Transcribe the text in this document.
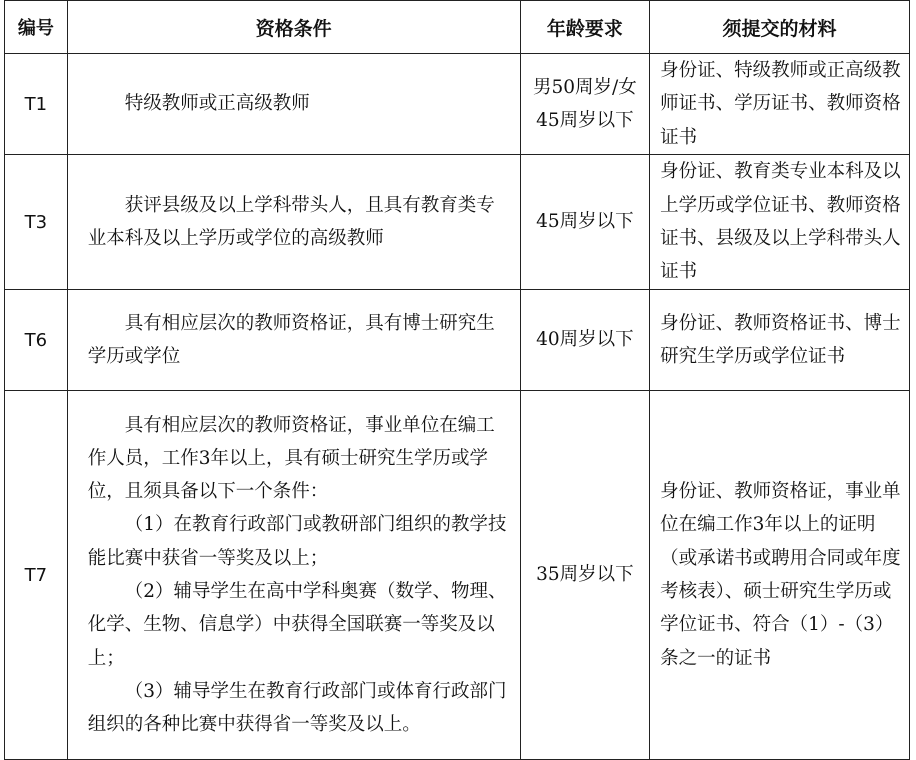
编号	资格条件	年龄要求	须提交的材料
T1	特级教师或正高级教师	男50周岁/女45周岁以下	身份证、特级教师或正高级教师证书、学历证书、教师资格证书

T3	获评县级及以上学科带头人，且具有教育类专业本科及以上学历或学位的高级教师	45周岁以下	身份证、教育类专业本科及以上学历或学位证书、教师资格证书、县级及以上学科带头人证书

T6	具有相应层次的教师资格证，具有博士研究生学历或学位	40周岁以下	身份证、教师资格证书、博士研究生学历或学位证书

T7	具有相应层次的教师资格证，事业单位在编工作人员，工作3年以上，具有硕士研究生学历或学位，且须具备以下一个条件：

（1）在教育行政部门或教研部门组织的教学技能比赛中获省一等奖及以上；

（2）辅导学生在高中学科奥赛（数学、物理、化学、生物、信息学）中获得全国联赛一等奖及以上；

（3）辅导学生在教育行政部门或体育行政部门组织的各种比赛中获得省一等奖及以上。	35周岁以下	身份证、教师资格证，事业单位在编工作3年以上的证明（或承诺书或聘用合同或年度考核表）、硕士研究生学历或学位证书、符合（1）-（3）条之一的证书
